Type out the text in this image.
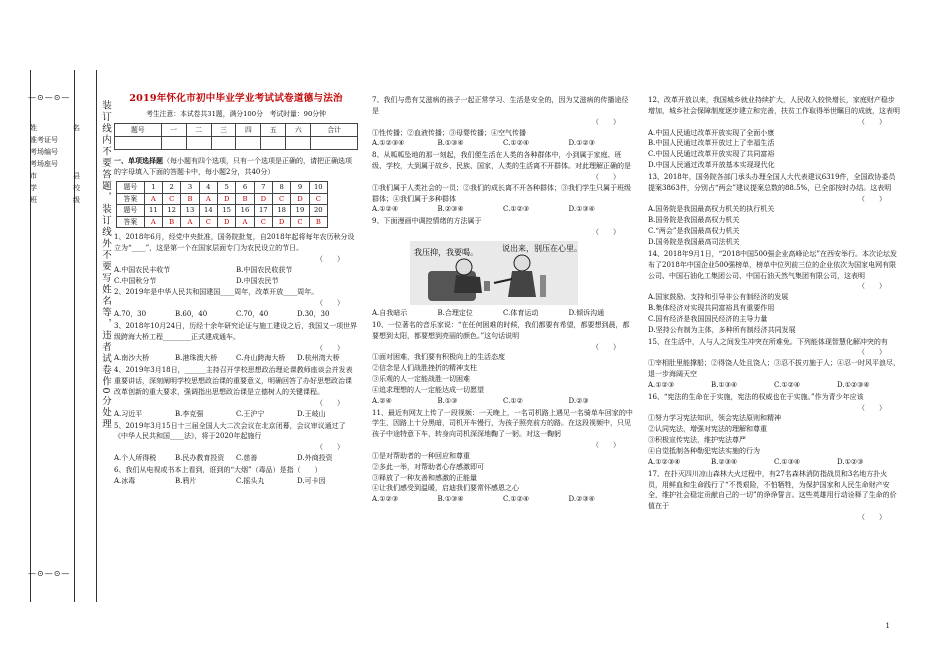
—⊙—⊙—
—⊙—⊙—
姓	名
准考证号
考场编号
考场座号
市	县
学	校
班	级 装订线内不要答题，装订线外不要写姓名等，违者试卷作0分处理
2019年怀化市初中毕业学业考试试卷道德与法治
考生注意：本试卷共31题，满分100分　考试时量：90分钟
题号	一	二	三	四	五	六	合计

一、单项选择题（每小题有四个选项，只有一个选项是正确的，请把正确选项的字母填入下面的答题卡中，每小题2分，共40分）
题号	1	2	3	4	5	6	7	8	9	10
答案	A	C	B	A	D	B	D	C	D	C
题号	11	12	13	14	15	16	17	18	19	20
答案	A	B	A	C	D	A	C	D	C	B
1、2018年6月，经党中央批准，国务院批复，自2018年起将每年农历秋分设立为“____”，这是第一个在国家层面专门为农民设立的节日。
（　　）
A.中国农民丰收节	B.中国农民收获节
C.中国秋分节	D.中国农民节
2、2019年是中华人民共和国建国____周年，改革开放____周年。
（　　）
A.70，30	B.60，40	C.70，40	D.30，30
3、2018年10月24日，历经十余年研究论证与施工建设之后，我国又一项世界级跨海大桥工程________正式建成通车。
（　　）
A.南沙大桥	B.港珠澳大桥	C.舟山跨海大桥	D.杭州湾大桥
4、2019年3月18日，______主持召开学校思想政治理论课教师座谈会并发表重要讲话，深刻阐明学校思想政治课的重要意义，明确回答了办好思想政治课改革创新的重大要求，强调指出思想政治课是立德树人的关键课程。
（　　）
A.习近平	B.李克强	C.王沪宁	D.王岐山
5、2019年3月15日十三届全国人大二次会议在北京闭幕，会议审议通过了《中华人民共和国____法》，将于2020年起施行
（　　）
A.个人所得税	B.民办教育投资	C.慈善	D.外商投资
6、我们从电视或书本上看到，诳到的“大烟”（毒品）是指（　　）
A.冰毒	B.鸦片	C.摇头丸	D.可卡因
7、我们与患有艾滋病的孩子一起正常学习、生活是安全的，因为艾滋病的传播途径是
（　　）
①性传播；②血液传播；③母婴传播；④空气传播
A.①②③④	B.①③④	C.①②④	D.①②③
8、从呱呱坠地的那一刻起，我们便生活在人类的各种群体中，小到属于家庭、班级、学校，大到属于故乡、民族、国家，人类的生活离不开群体。对此理解正确的是
（　　）
①我们属于人类社会的一员；②我们的成长离不开各种群体；③我们学生只属于班级群体；④我们属于多种群体
A.①②④	B.②③④	C.①②③	D.①③④
9、下面漫画中调控情绪的方法属于
（　　）
我压抑，我要喝。	说出来，别压在心里。
A.自我暗示	B.合理定位	C.体育运动	D.倾诉沟通
10、一位著名的音乐家说：“在任何困难的时候，我们都要有希望，都要想到晨，都要想到太阳，都要想到亮丽的颜色。”这句话说明
（　　）
①面对困难，我们要有积极向上的生活态度
②信念是人们战胜挫折的精神支柱
③乐观的人一定能战胜一切困难
④追求理想的人一定能达成一切愿望
A.②④	B.①③	C.①②	D.②③
11、最近有网友上传了一段视频：一天晚上，一名司机路上遇见一名骑单车回家的中学生，因路上十分黑暗，司机开车慢行，为孩子照亮前方的路。在这段视频中，只见孩子中途特意下车，转身向司机深深地鞠了一躬。对这一鞠躬
（　　）
①是对帮助者的一种回应和尊重
②多此一举，对帮助者心存感激即可
③释放了一种友善和感激的正能量
④让我们感受到温暖，启迪我们要常怀感恩之心
A.①②③	B.①③④	C.①②④	D.②③④
12、改革开放以来，我国城乡就业持续扩大，人民收入较快增长，家庭财产稳步增加，城乡社会保障制度逐步建立和完善，扶贫工作取得举世瞩目的成就，这表明
（　　）
A.中国人民通过改革开放实现了全面小康
B.中国人民通过改革开放过上了幸福生活
C.中国人民通过改革开放实现了共同富裕
D.中国人民通过改革开放基本实现现代化
13、2018年，国务院各部门承头办理全国人大代表建议6319件，全国政协委员提案3863件，分别占“两会”建议提案总数的88.5%，已全部按时办结。这表明
（　　）
A.国务院是我国最高权力机关的执行机关
B.国务院是我国最高权力机关
C.“两会”是我国最高权力机关
D.国务院是我国最高司法机关
14、2018年9月1日，“2018中国500强企业高峰论坛”在西安举行。本次论坛发布了2018年中国企业500强榜单，榜单中位列前三位的企业依次为国家电网有限公司、中国石油化工集团公司、中国石油天然气集团有限公司，这表明
（　　）
A.国家鼓励、支持和引导非公有制经济的发展
B.集体经济对实现共同富裕具有重要作用
C.国有经济是我国国民经济的主导力量
D.坚持公有制为主体，多种所有制经济共同发展
15、在生活中，人与人之间发生冲突在所难免。下列能体现智慧化解冲突的有
（　　）
①宰相肚里能撑船；②得饶人处且饶人；③忍不拔刃施于人；④忍一时风平浪尽，退一步海阔天空
A.①②③	B.①③④	C.①②④	D.①②③④
16、“宪法的生命在于实施，宪法的权威也在于实施。”作为青少年应该
（　　）
①努力学习宪法知识，领会宪法原则和精神
②认同宪法，增强对宪法的理解和尊重
③积极宣传宪法，维护宪法尊严
④自觉抵制各种勒犯宪法实施的行为
A.①②③④	B.②③④	C.①③④	D.①②③
17、在扑灭四川凉山森林大火过程中，有27名森林消防指战员和3名地方扑火员，用鲜血和生命践行了“不畏艰险，不怕牺牲，为保护国家和人民生命财产安全，维护社会稳定贡献自己的一切”的诤诤誓言。这些英雄用行动诠释了生命的价值在于
（　　）
1
